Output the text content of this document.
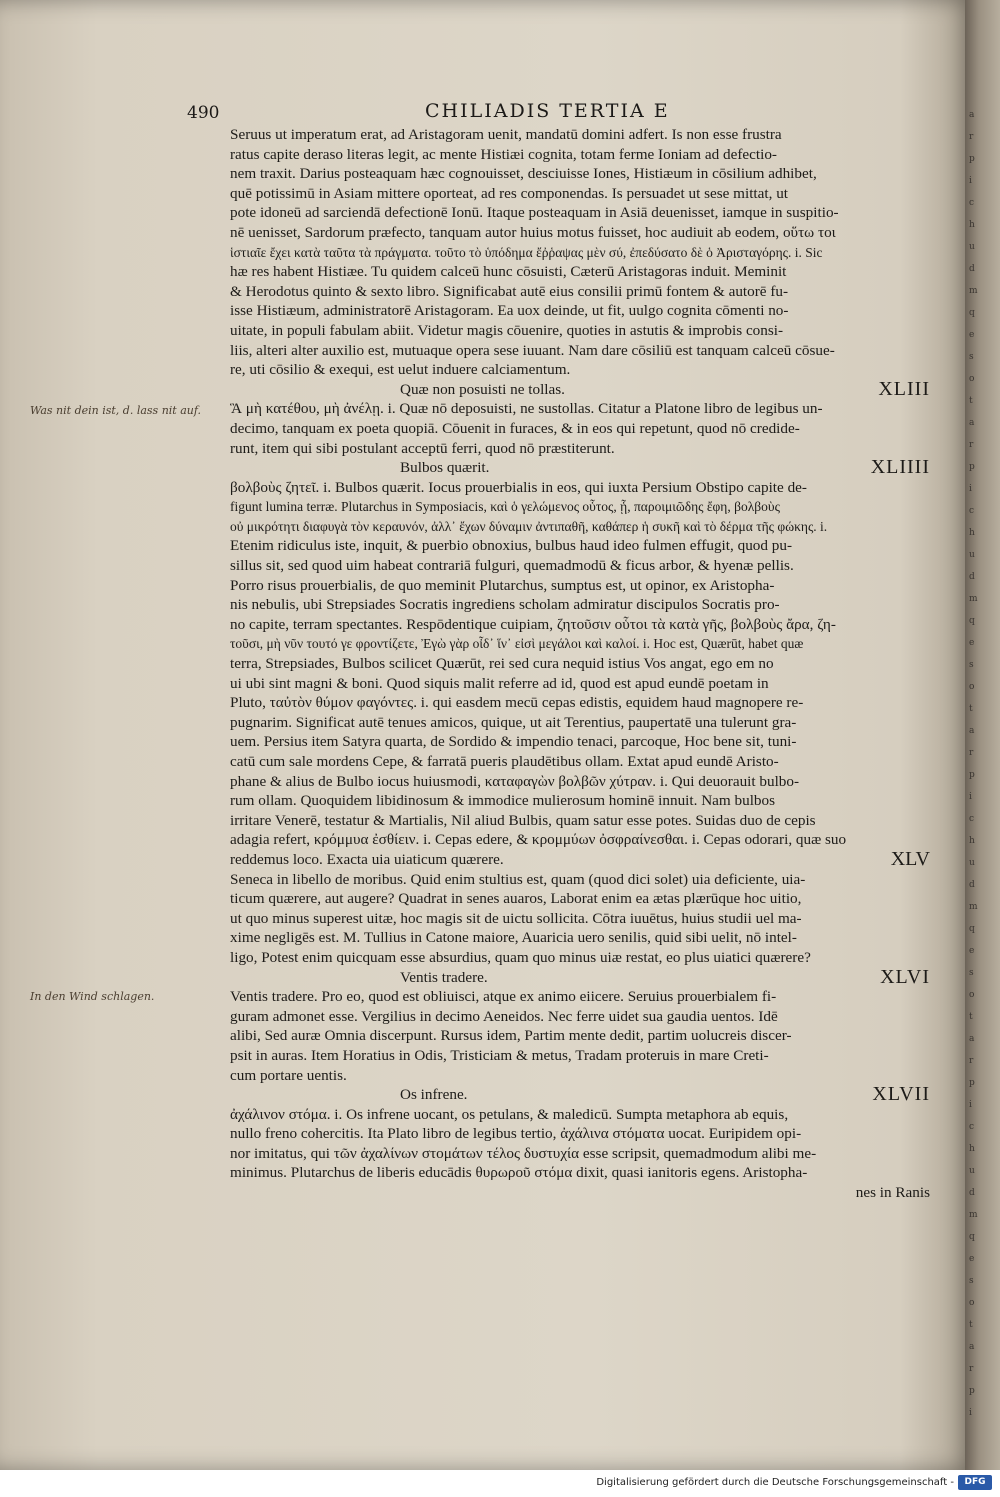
490	CHILIADIS TERTIA E
Was nit dein ist, d. lass nit auf.
In den Wind schlagen.
Seruus ut imperatum erat, ad Aristagoram uenit, mandatū domini adfert. Is non esse frustra
ratus capite deraso literas legit, ac mente Histiæi cognita, totam ferme Ioniam ad defectio-
nem traxit. Darius posteaquam hæc cognouisset, desciuisse Iones, Histiæum in cōsilium adhibet,
quē potissimū in Asiam mittere oporteat, ad res componendas. Is persuadet ut sese mittat, ut
pote idoneū ad sarciendā defectionē Ionū. Itaque posteaquam in Asiā deuenisset, iamque in suspitio-
nē uenisset, Sardorum præfecto, tanquam autor huius motus fuisset, hoc audiuit ab eodem, οὕτω τοι
ἱστιαῖε ἔχει κατὰ ταῦτα τὰ πράγματα. τοῦτο τὸ ὑπόδημα ἔῤῥαψας μὲν σύ, ἐπεδύσατο δὲ ὁ Ἀρισταγόρης. i. Sic
hæ res habent Histiæe. Tu quidem calceū hunc cōsuisti, Cæterū Aristagoras induit. Meminit
& Herodotus quinto & sexto libro. Significabat autē eius consilii primū fontem & autorē fu-
isse Histiæum, administratorē Aristagoram. Ea uox deinde, ut fit, uulgo cognita cōmenti no-
uitate, in populi fabulam abiit. Videtur magis cōuenire, quoties in astutis & improbis consi-
liis, alteri alter auxilio est, mutuaque opera sese iuuant. Nam dare cōsiliū est tanquam calceū cōsue-
re, uti cōsilio & exequi, est uelut induere calciamentum.
Quæ non posuisti ne tollas.	XLIII
Ἃ μὴ κατέθου, μὴ ἀνέλῃ. i. Quæ nō deposuisti, ne sustollas. Citatur a Platone libro de legibus un-
decimo, tanquam ex poeta quopiā. Cōuenit in furaces, & in eos qui repetunt, quod nō credide-
runt, item qui sibi postulant acceptū ferri, quod nō præstiterunt.
Bulbos quærit.	XLIIII
βολβοὺς ζητεῖ. i. Bulbos quærit. Iocus prouerbialis in eos, qui iuxta Persium Obstipo capite de-
figunt lumina terræ. Plutarchus in Symposiacis, καὶ ὁ γελώμενος οὗτος, ᾗ, παροιμιῶδης ἔφη, βολβοὺς
οὐ μικρότητι διαφυγὰ τὸν κεραυνόν, ἀλλ᾽ ἔχων δύναμιν ἀντιπαθῆ, καθάπερ ἡ συκῆ καὶ τὸ δέρμα τῆς φώκης. i.
Etenim ridiculus iste, inquit, & puerbio obnoxius, bulbus haud ideo fulmen effugit, quod pu-
sillus sit, sed quod uim habeat contrariā fulguri, quemadmodū & ficus arbor, & hyenæ pellis.
Porro risus prouerbialis, de quo meminit Plutarchus, sumptus est, ut opinor, ex Aristopha-
nis nebulis, ubi Strepsiades Socratis ingrediens scholam admiratur discipulos Socratis pro-
no capite, terram spectantes. Respōdentique cuipiam, ζητοῦσιν οὗτοι τὰ κατὰ γῆς, βολβοὺς ἄρα, ζη-
τοῦσι, μὴ νῦν τουτό γε φροντίζετε, Ἐγὼ γὰρ οἶδ᾽ ἵν᾽ εἰσὶ μεγάλοι καὶ καλοί. i. Hoc est, Quærūt, habet quæ
terra, Strepsiades, Bulbos scilicet Quærūt, rei sed cura nequid istius Vos angat, ego em no
ui ubi sint magni & boni. Quod siquis malit referre ad id, quod est apud eundē poetam in
Pluto, ταὐτὸν θύμον φαγόντες. i. qui easdem mecū cepas edistis, equidem haud magnopere re-
pugnarim. Significat autē tenues amicos, quique, ut ait Terentius, paupertatē una tulerunt gra-
uem. Persius item Satyra quarta, de Sordido & impendio tenaci, parcoque, Hoc bene sit, tuni-
catū cum sale mordens Cepe, & farratā pueris plaudētibus ollam. Extat apud eundē Aristo-
phane & alius de Bulbo iocus huiusmodi, καταφαγὼν βολβῶν χύτραν. i. Qui deuorauit bulbo-
rum ollam. Quoquidem libidinosum & immodice mulierosum hominē innuit. Nam bulbos
irritare Venerē, testatur & Martialis, Nil aliud Bulbis, quam satur esse potes. Suidas duo de cepis
adagia refert, κρόμμυα ἐσθίειν. i. Cepas edere, & κρομμύων ὀσφραίνεσθαι. i. Cepas odorari, quæ suo
reddemus loco. Exacta uia uiaticum quærere.	XLV
Seneca in libello de moribus. Quid enim stultius est, quam (quod dici solet) uia deficiente, uia-
ticum quærere, aut augere? Quadrat in senes auaros, Laborat enim ea ætas plærūque hoc uitio,
ut quo minus superest uitæ, hoc magis sit de uictu sollicita. Cōtra iuuētus, huius studii uel ma-
xime negligēs est. M. Tullius in Catone maiore, Auaricia uero senilis, quid sibi uelit, nō intel-
ligo, Potest enim quicquam esse absurdius, quam quo minus uiæ restat, eo plus uiatici quærere?
Ventis tradere.	XLVI
Ventis tradere. Pro eo, quod est obliuisci, atque ex animo eiicere. Seruius prouerbialem fi-
guram admonet esse. Vergilius in decimo Aeneidos. Nec ferre uidet sua gaudia uentos. Idē
alibi, Sed auræ Omnia discerpunt. Rursus idem, Partim mente dedit, partim uolucreis discer-
psit in auras. Item Horatius in Odis, Tristiciam & metus, Tradam proteruis in mare Creti-
cum portare uentis.
Os infrene.	XLVII
ἀχάλινον στόμα. i. Os infrene uocant, os petulans, & maledicū. Sumpta metaphora ab equis,
nullo freno cohercitis. Ita Plato libro de legibus tertio, ἀχάλινα στόματα uocat. Euripidem opi-
nor imitatus, qui τῶν ἀχαλίνων στομάτων τέλος δυστυχία esse scripsit, quemadmodum alibi me-
minimus. Plutarchus de liberis educādis θυρωροῦ στόμα dixit, quasi ianitoris egens. Aristopha-
nes in Ranis
a
r
p
i
c
h
u
d
m
q
e
s
o
t
a
r
p
i
c
h
u
d
m
q
e
s
o
t
a
r
p
i
c
h
u
d
m
q
e
s
o
t
a
r
p
i
c
h
u
d
m
q
e
s
o
t
a
r
p
i
Digitalisierung gefördert durch die Deutsche Forschungsgemeinschaft -	DFG
